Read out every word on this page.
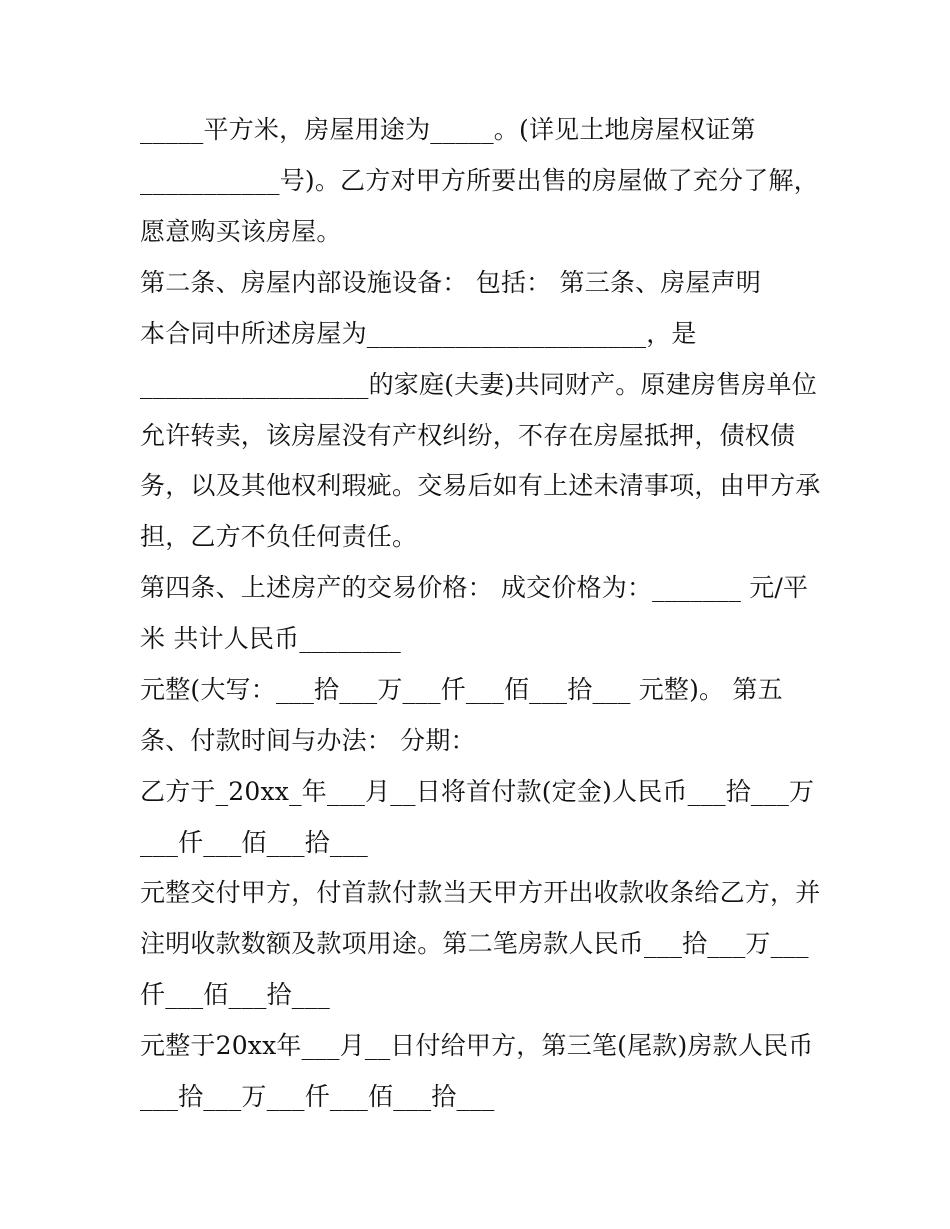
_____平方米，房屋用途为_____。(详见土地房屋权证第
___________号)。乙方对甲方所要出售的房屋做了充分了解，
愿意购买该房屋。
第二条、房屋内部设施设备： 包括： 第三条、房屋声明
本合同中所述房屋为______________________，是
__________________的家庭(夫妻)共同财产。原建房售房单位
允许转卖，该房屋没有产权纠纷，不存在房屋抵押，债权债
务，以及其他权利瑕疵。交易后如有上述未清事项，由甲方承
担，乙方不负任何责任。
第四条、上述房产的交易价格： 成交价格为：_______ 元/平
米 共计人民币________
元整(大写：___拾___万___仟___佰___拾___ 元整)。 第五
条、付款时间与办法： 分期：
乙方于_20xx_年___月__日将首付款(定金)人民币___拾___万
___仟___佰___拾___
元整交付甲方，付首款付款当天甲方开出收款收条给乙方，并
注明收款数额及款项用途。第二笔房款人民币___拾___万___
仟___佰___拾___
元整于20xx年___月__日付给甲方，第三笔(尾款)房款人民币
___拾___万___仟___佰___拾___
